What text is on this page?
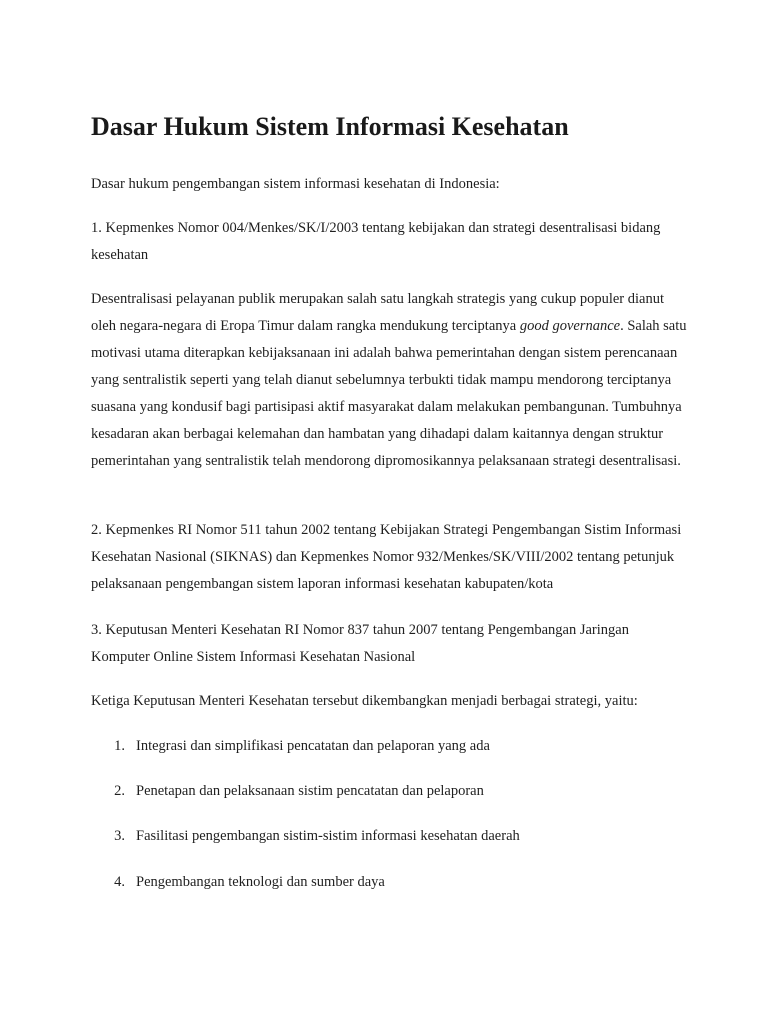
Dasar Hukum Sistem Informasi Kesehatan

Dasar hukum pengembangan sistem informasi kesehatan di Indonesia:

1. Kepmenkes Nomor 004/Menkes/SK/I/2003 tentang kebijakan dan strategi desentralisasi bidang kesehatan

Desentralisasi pelayanan publik merupakan salah satu langkah strategis yang cukup populer dianut oleh negara-negara di Eropa Timur dalam rangka mendukung terciptanya good governance. Salah satu motivasi utama diterapkan kebijaksanaan ini adalah bahwa pemerintahan dengan sistem perencanaan yang sentralistik seperti yang telah dianut sebelumnya terbukti tidak mampu mendorong terciptanya suasana yang kondusif bagi partisipasi aktif masyarakat dalam melakukan pembangunan. Tumbuhnya kesadaran akan berbagai kelemahan dan hambatan yang dihadapi dalam kaitannya dengan struktur pemerintahan yang sentralistik telah mendorong dipromosikannya pelaksanaan strategi desentralisasi.

2. Kepmenkes RI Nomor 511 tahun 2002 tentang Kebijakan Strategi Pengembangan Sistim Informasi Kesehatan Nasional (SIKNAS) dan Kepmenkes Nomor 932/Menkes/SK/VIII/2002 tentang petunjuk pelaksanaan pengembangan sistem laporan informasi kesehatan kabupaten/kota

3. Keputusan Menteri Kesehatan RI Nomor 837 tahun 2007 tentang Pengembangan Jaringan Komputer Online Sistem Informasi Kesehatan Nasional

Ketiga Keputusan Menteri Kesehatan tersebut dikembangkan menjadi berbagai strategi, yaitu:

1. Integrasi dan simplifikasi pencatatan dan pelaporan yang ada
2. Penetapan dan pelaksanaan sistim pencatatan dan pelaporan
3. Fasilitasi pengembangan sistim-sistim informasi kesehatan daerah
4. Pengembangan teknologi dan sumber daya
